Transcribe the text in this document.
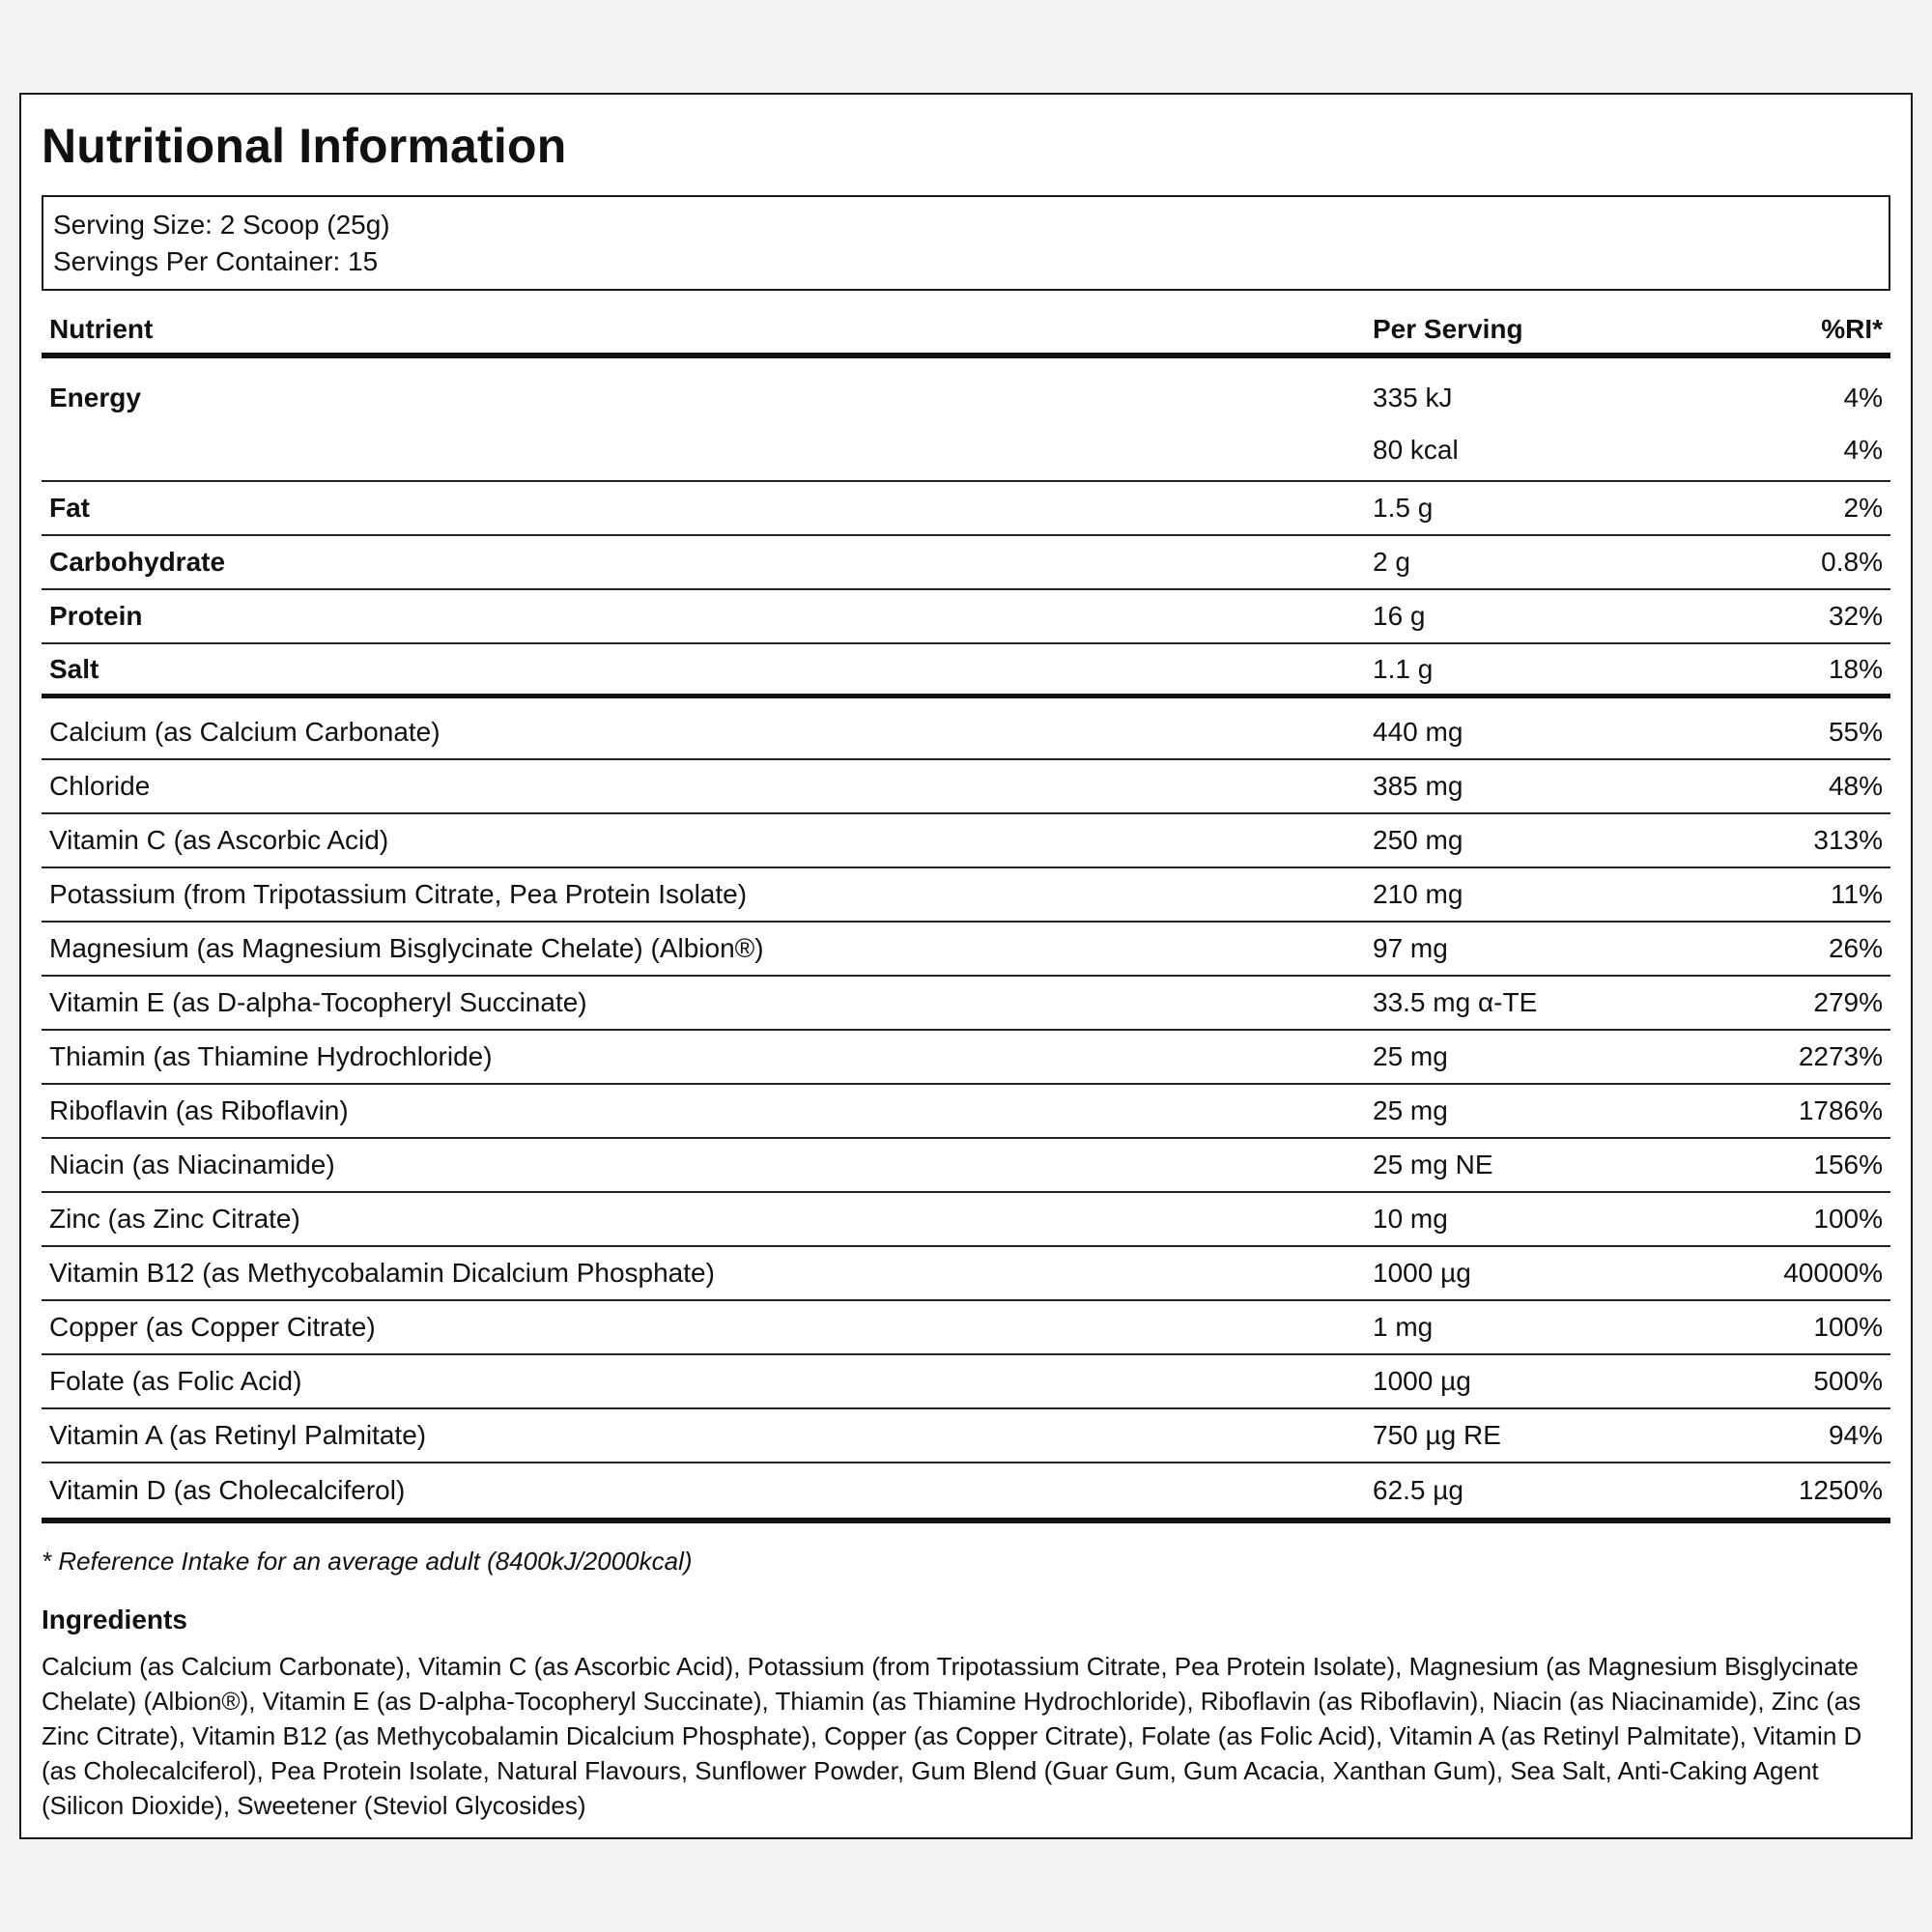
Nutritional Information
Serving Size: 2 Scoop (25g)
Servings Per Container: 15
Nutrient	Per Serving	%RI*
Energy	335 kJ	4%
80 kcal	4%
Fat	1.5 g	2%
Carbohydrate	2 g	0.8%
Protein	16 g	32%
Salt	1.1 g	18%
Calcium (as Calcium Carbonate)	440 mg	55%
Chloride	385 mg	48%
Vitamin C (as Ascorbic Acid)	250 mg	313%
Potassium (from Tripotassium Citrate, Pea Protein Isolate)	210 mg	11%
Magnesium (as Magnesium Bisglycinate Chelate) (Albion®)	97 mg	26%
Vitamin E (as D-alpha-Tocopheryl Succinate)	33.5 mg α-TE	279%
Thiamin (as Thiamine Hydrochloride)	25 mg	2273%
Riboflavin (as Riboflavin)	25 mg	1786%
Niacin (as Niacinamide)	25 mg NE	156%
Zinc (as Zinc Citrate)	10 mg	100%
Vitamin B12 (as Methycobalamin Dicalcium Phosphate)	1000 µg	40000%
Copper (as Copper Citrate)	1 mg	100%
Folate (as Folic Acid)	1000 µg	500%
Vitamin A (as Retinyl Palmitate)	750 µg RE	94%
Vitamin D (as Cholecalciferol)	62.5 µg	1250%
* Reference Intake for an average adult (8400kJ/2000kcal)
Ingredients
Calcium (as Calcium Carbonate), Vitamin C (as Ascorbic Acid), Potassium (from Tripotassium Citrate, Pea Protein Isolate), Magnesium (as Magnesium Bisglycinate Chelate) (Albion®), Vitamin E (as D-alpha-Tocopheryl Succinate), Thiamin (as Thiamine Hydrochloride), Riboflavin (as Riboflavin), Niacin (as Niacinamide), Zinc (as Zinc Citrate), Vitamin B12 (as Methycobalamin Dicalcium Phosphate), Copper (as Copper Citrate), Folate (as Folic Acid), Vitamin A (as Retinyl Palmitate), Vitamin D (as Cholecalciferol), Pea Protein Isolate, Natural Flavours, Sunflower Powder, Gum Blend (Guar Gum, Gum Acacia, Xanthan Gum), Sea Salt, Anti-Caking Agent (Silicon Dioxide), Sweetener (Steviol Glycosides)
